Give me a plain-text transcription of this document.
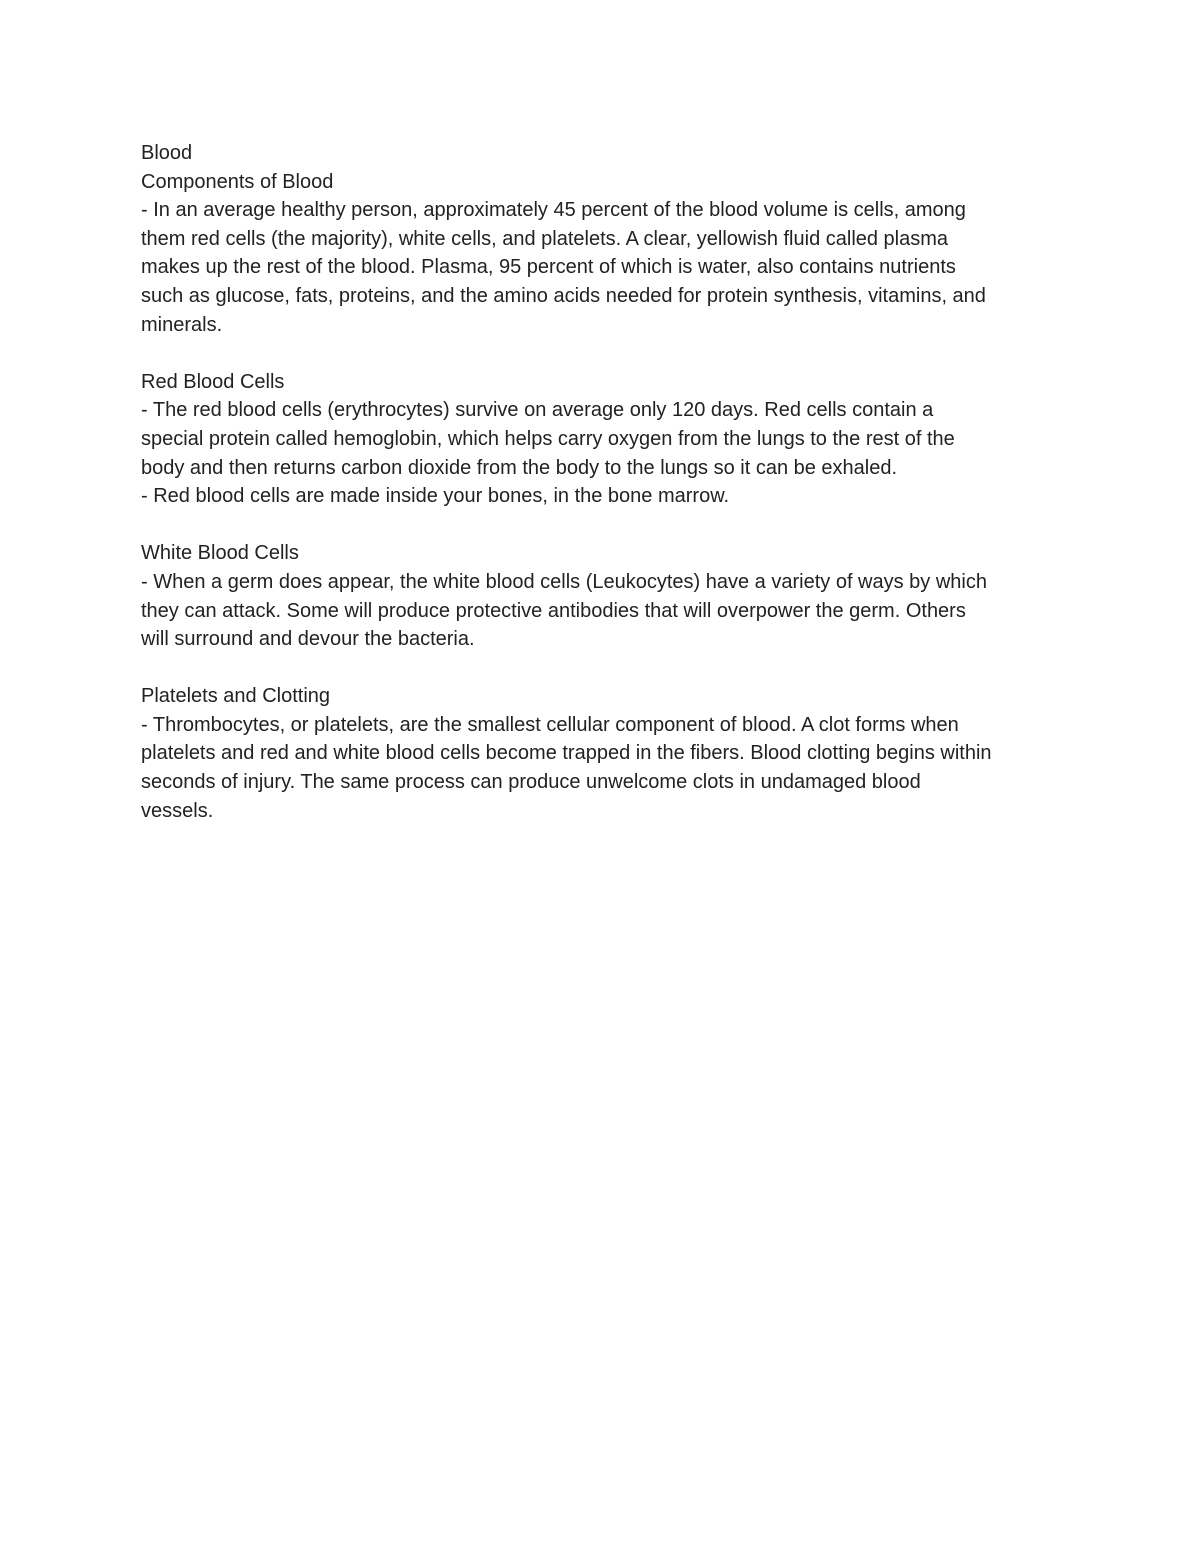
Blood

Components of Blood

- In an average healthy person, approximately 45 percent of the blood volume is cells, among

them red cells (the majority), white cells, and platelets. A clear, yellowish fluid called plasma

makes up the rest of the blood. Plasma, 95 percent of which is water, also contains nutrients

such as glucose, fats, proteins, and the amino acids needed for protein synthesis, vitamins, and

minerals.

Red Blood Cells

- The red blood cells (erythrocytes) survive on average only 120 days. Red cells contain a

special protein called hemoglobin, which helps carry oxygen from the lungs to the rest of the

body and then returns carbon dioxide from the body to the lungs so it can be exhaled.

- Red blood cells are made inside your bones, in the bone marrow.

White Blood Cells

- When a germ does appear, the white blood cells (Leukocytes) have a variety of ways by which

they can attack. Some will produce protective antibodies that will overpower the germ. Others

will surround and devour the bacteria.

Platelets and Clotting

- Thrombocytes, or platelets, are the smallest cellular component of blood. A clot forms when

platelets and red and white blood cells become trapped in the fibers. Blood clotting begins within

seconds of injury. The same process can produce unwelcome clots in undamaged blood

vessels.
